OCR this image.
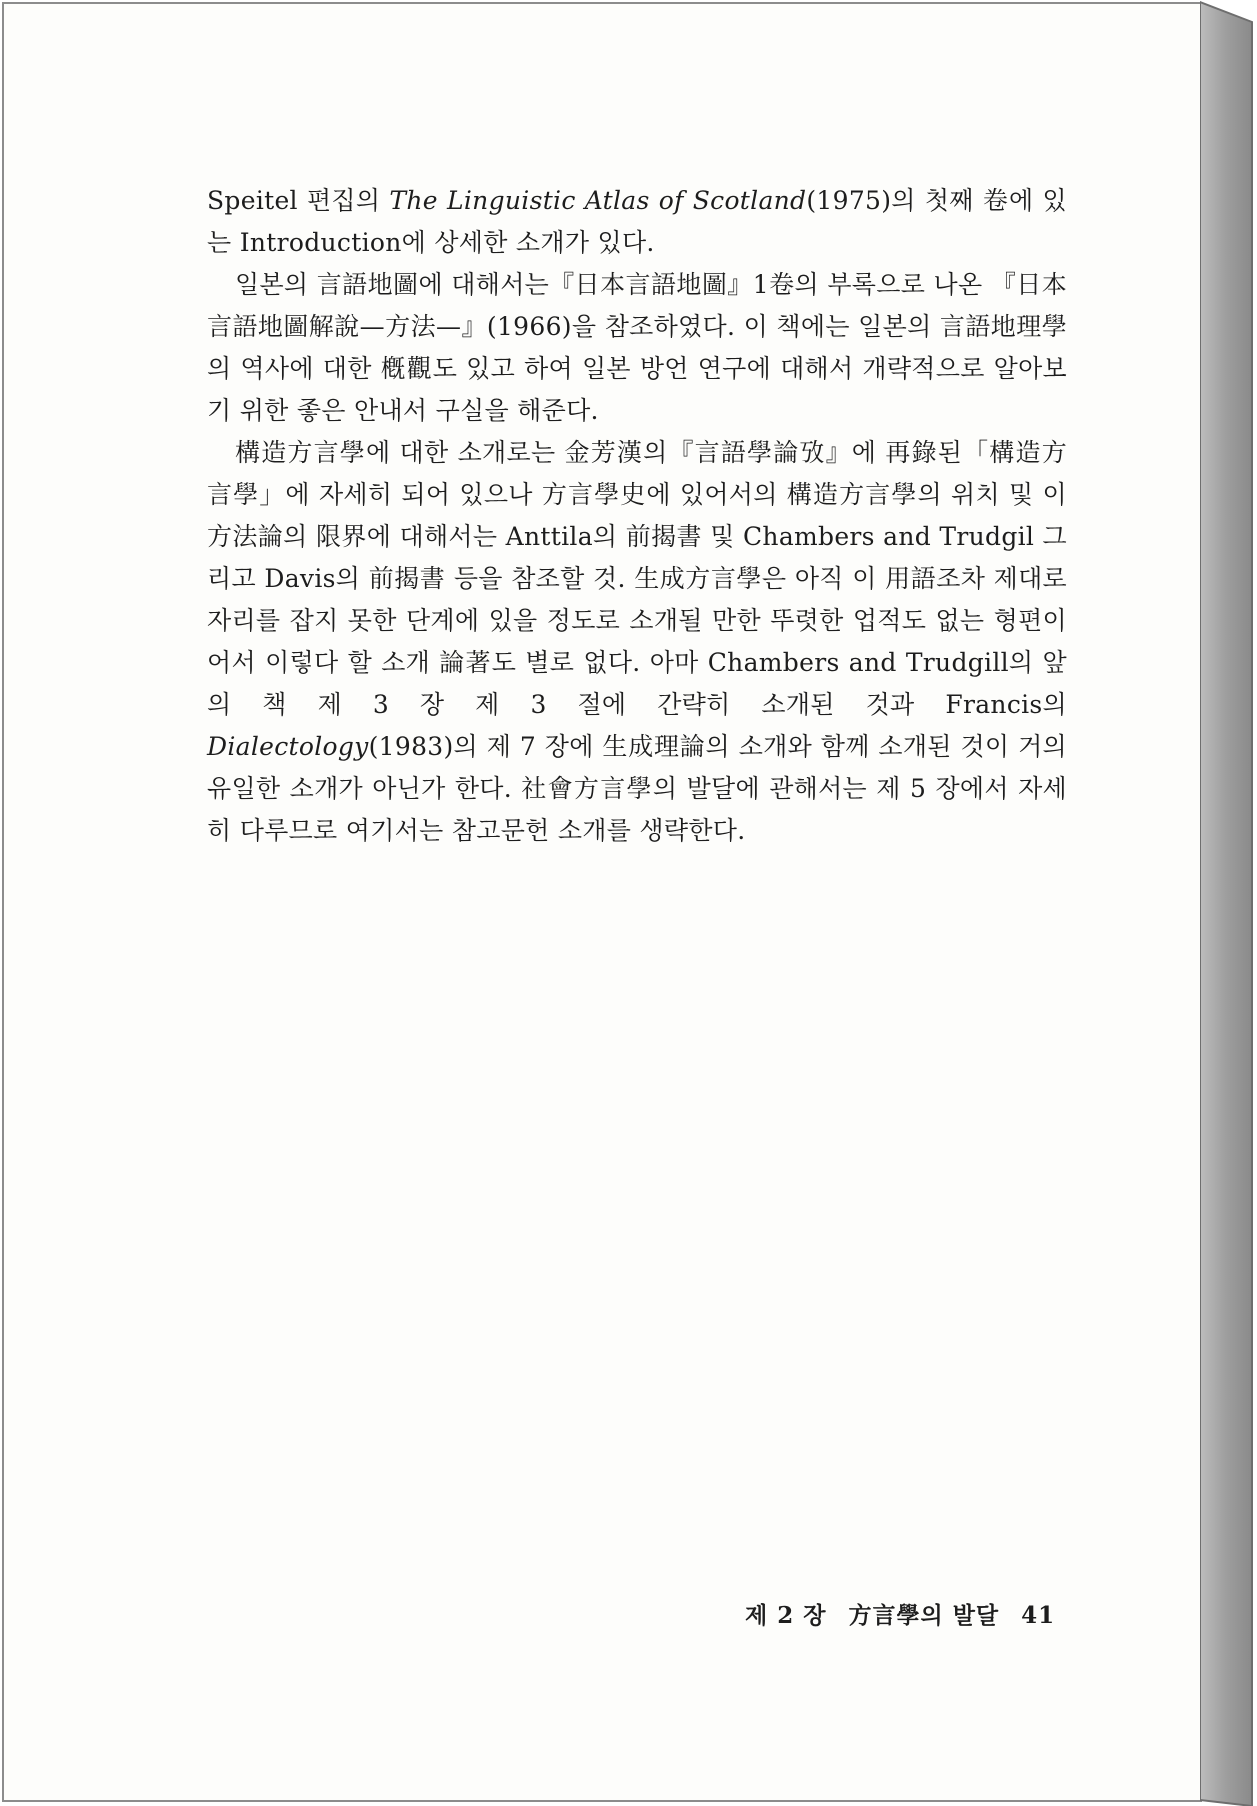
Speitel 편집의 The Linguistic Atlas of Scotland(1975)의 첫째 卷에 있는 Introduction에 상세한 소개가 있다.

일본의 言語地圖에 대해서는『日本言語地圖』1卷의 부록으로 나온 『日本言語地圖解說—方法—』(1966)을 참조하였다. 이 책에는 일본의 言語地理學의 역사에 대한 槪觀도 있고 하여 일본 방언 연구에 대해서 개략적으로 알아보기 위한 좋은 안내서 구실을 해준다.

構造方言學에 대한 소개로는 金芳漢의『言語學論攷』에 再錄된「構造方言學」에 자세히 되어 있으나 方言學史에 있어서의 構造方言學의 위치 및 이 方法論의 限界에 대해서는 Anttila의 前揭書 및 Chambers and Trudgil 그리고 Davis의 前揭書 등을 참조할 것. 生成方言學은 아직 이 用語조차 제대로 자리를 잡지 못한 단계에 있을 정도로 소개될 만한 뚜렷한 업적도 없는 형편이어서 이렇다 할 소개 論著도 별로 없다. 아마 Chambers and Trudgill의 앞의 책 제 3 장 제 3 절에 간략히 소개된 것과 Francis의 Dialectology(1983)의 제 7 장에 生成理論의 소개와 함께 소개된 것이 거의 유일한 소개가 아닌가 한다. 社會方言學의 발달에 관해서는 제 5 장에서 자세히 다루므로 여기서는 참고문헌 소개를 생략한다.

제 2 장 方言學의 발달 41
